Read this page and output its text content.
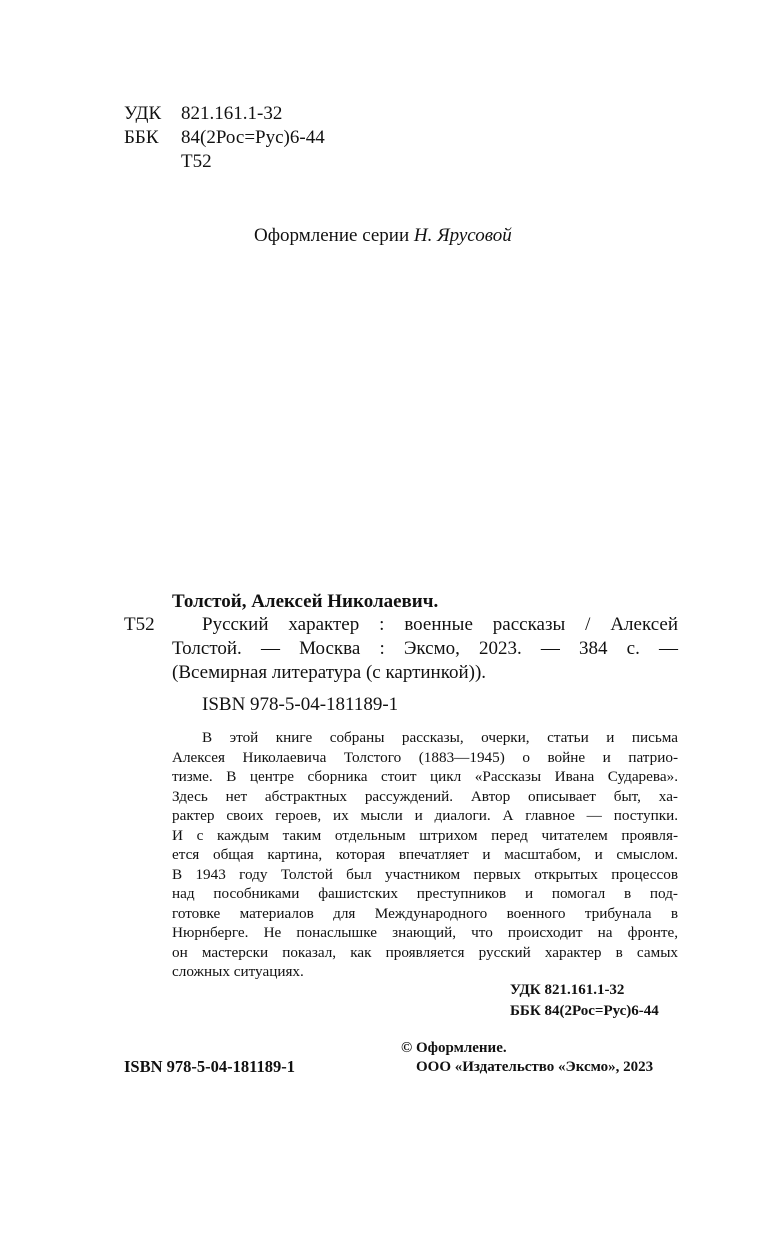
УДК 821.161.1-32
ББК 84(2Рос=Рус)6-44
Т52
Оформление серии Н. Ярусовой
Толстой, Алексей Николаевич.
Т52 Русский характер : военные рассказы / Алексей
Толстой. — Москва : Эксмо, 2023. — 384 с. —
(Всемирная литература (с картинкой)).
ISBN 978-5-04-181189-1
В этой книге собраны рассказы, очерки, статьи и письма
Алексея Николаевича Толстого (1883—1945) о войне и патрио-
тизме. В центре сборника стоит цикл «Рассказы Ивана Сударева».
Здесь нет абстрактных рассуждений. Автор описывает быт, ха-
рактер своих героев, их мысли и диалоги. А главное — поступки.
И с каждым таким отдельным штрихом перед читателем проявля-
ется общая картина, которая впечатляет и масштабом, и смыслом.
В 1943 году Толстой был участником первых открытых процессов
над пособниками фашистских преступников и помогал в под-
готовке материалов для Международного военного трибунала в
Нюрнберге. Не понаслышке знающий, что происходит на фронте,
он мастерски показал, как проявляется русский характер в самых
сложных ситуациях.
УДК 821.161.1-32
ББК 84(2Рос=Рус)6-44
ISBN 978-5-04-181189-1
© Оформление.
ООО «Издательство «Эксмо», 2023
